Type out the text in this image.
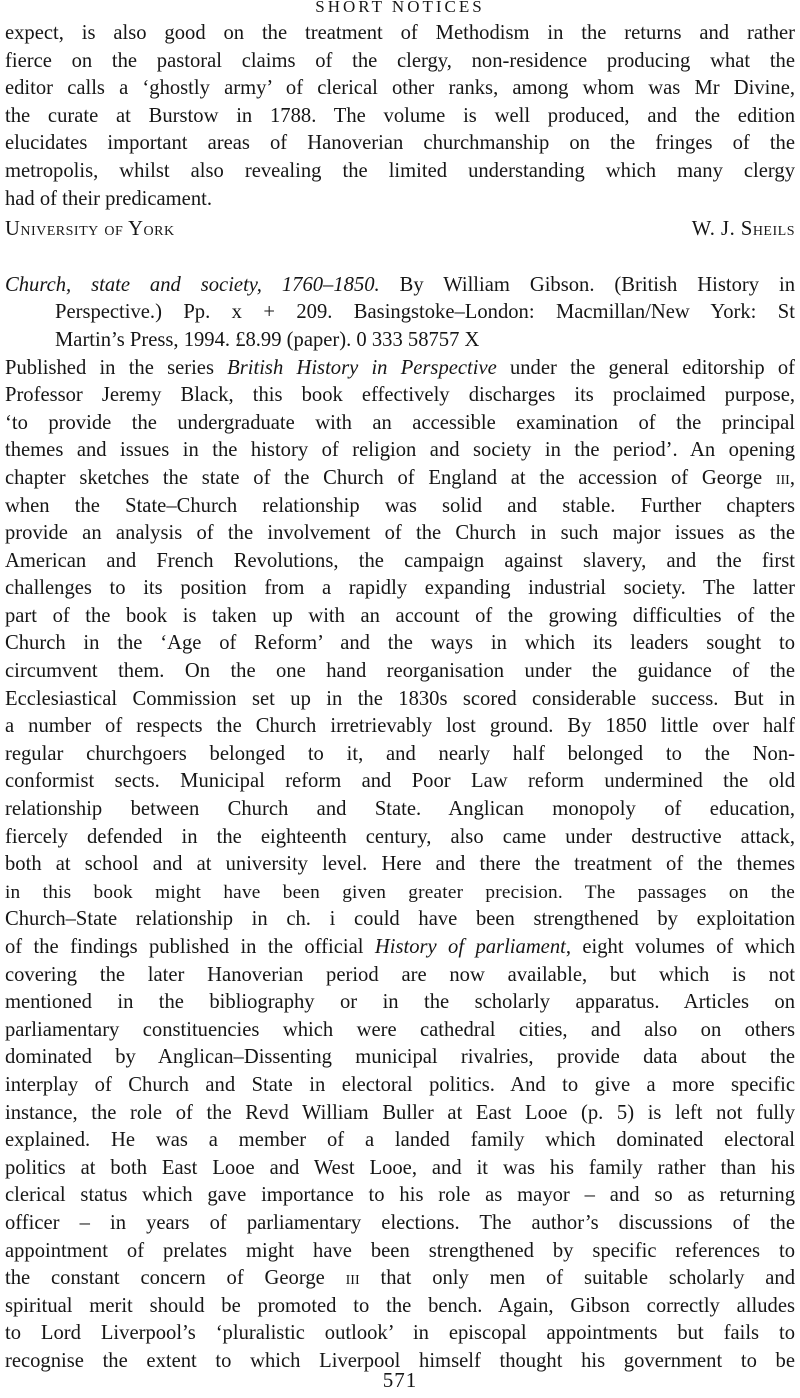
SHORT NOTICES

expect, is also good on the treatment of Methodism in the returns and rather
fierce on the pastoral claims of the clergy, non-residence producing what the
editor calls a ‘ghostly army’ of clerical other ranks, among whom was Mr Divine,
the curate at Burstow in 1788. The volume is well produced, and the edition
elucidates important areas of Hanoverian churchmanship on the fringes of the
metropolis, whilst also revealing the limited understanding which many clergy
had of their predicament.
University of York	W. J. Sheils
Church, state and society, 1760–1850. By William Gibson. (British History in
Perspective.) Pp. x + 209. Basingstoke–London: Macmillan/New York: St
Martin’s Press, 1994. £8.99 (paper). 0 333 58757 X
Published in the series British History in Perspective under the general editorship of
Professor Jeremy Black, this book effectively discharges its proclaimed purpose,
‘to provide the undergraduate with an accessible examination of the principal
themes and issues in the history of religion and society in the period’. An opening
chapter sketches the state of the Church of England at the accession of George iii,
when the State–Church relationship was solid and stable. Further chapters
provide an analysis of the involvement of the Church in such major issues as the
American and French Revolutions, the campaign against slavery, and the first
challenges to its position from a rapidly expanding industrial society. The latter
part of the book is taken up with an account of the growing difficulties of the
Church in the ‘Age of Reform’ and the ways in which its leaders sought to
circumvent them. On the one hand reorganisation under the guidance of the
Ecclesiastical Commission set up in the 1830s scored considerable success. But in
a number of respects the Church irretrievably lost ground. By 1850 little over half
regular churchgoers belonged to it, and nearly half belonged to the Non-
conformist sects. Municipal reform and Poor Law reform undermined the old
relationship between Church and State. Anglican monopoly of education,
fiercely defended in the eighteenth century, also came under destructive attack,
both at school and at university level. Here and there the treatment of the themes
in this book might have been given greater precision. The passages on the
Church–State relationship in ch. i could have been strengthened by exploitation
of the findings published in the official History of parliament, eight volumes of which
covering the later Hanoverian period are now available, but which is not
mentioned in the bibliography or in the scholarly apparatus. Articles on
parliamentary constituencies which were cathedral cities, and also on others
dominated by Anglican–Dissenting municipal rivalries, provide data about the
interplay of Church and State in electoral politics. And to give a more specific
instance, the role of the Revd William Buller at East Looe (p. 5) is left not fully
explained. He was a member of a landed family which dominated electoral
politics at both East Looe and West Looe, and it was his family rather than his
clerical status which gave importance to his role as mayor – and so as returning
officer – in years of parliamentary elections. The author’s discussions of the
appointment of prelates might have been strengthened by specific references to
the constant concern of George iii that only men of suitable scholarly and
spiritual merit should be promoted to the bench. Again, Gibson correctly alludes
to Lord Liverpool’s ‘pluralistic outlook’ in episcopal appointments but fails to
recognise the extent to which Liverpool himself thought his government to be
571
